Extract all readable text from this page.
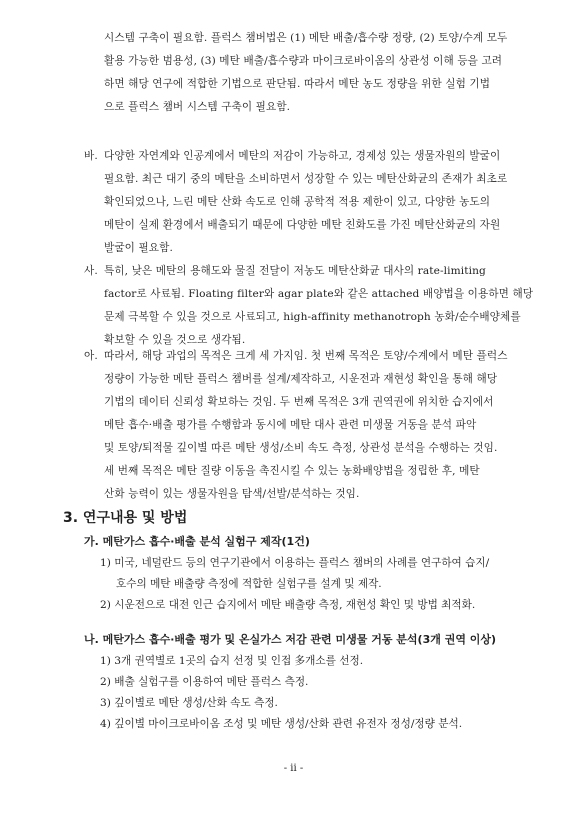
시스템 구축이 필요함. 플럭스 챔버법은 (1) 메탄 배출/흡수량 정량, (2) 토양/수계 모두
활용 가능한 범용성, (3) 메탄 배출/흡수량과 마이크로바이옴의 상관성 이해 등을 고려
하면 해당 연구에 적합한 기법으로 판단됨. 따라서 메탄 농도 정량을 위한 실험 기법
으로 플럭스 챔버 시스템 구축이 필요함.
바. 다양한 자연계와 인공계에서 메탄의 저감이 가능하고, 경제성 있는 생물자원의 발굴이
필요함. 최근 대기 중의 메탄을 소비하면서 성장할 수 있는 메탄산화균의 존재가 최초로
확인되었으나, 느린 메탄 산화 속도로 인해 공학적 적용 제한이 있고, 다양한 농도의
메탄이 실제 환경에서 배출되기 때문에 다양한 메탄 친화도를 가진 메탄산화균의 자원
발굴이 필요함.
사. 특히, 낮은 메탄의 용해도와 물질 전달이 저농도 메탄산화균 대사의 rate-limiting
factor로 사료됨. Floating filter와 agar plate와 같은 attached 배양법을 이용하면 해당
문제 극복할 수 있을 것으로 사료되고, high-affinity methanotroph 농화/순수배양체를
확보할 수 있을 것으로 생각됨.
아. 따라서, 해당 과업의 목적은 크게 세 가지임. 첫 번째 목적은 토양/수계에서 메탄 플럭스
정량이 가능한 메탄 플럭스 챔버를 설계/제작하고, 시운전과 재현성 확인을 통해 해당
기법의 데이터 신뢰성 확보하는 것임. 두 번째 목적은 3개 권역권에 위치한 습지에서
메탄 흡수·배출 평가를 수행함과 동시에 메탄 대사 관련 미생물 거동을 분석 파악
및 토양/퇴적물 깊이별 따른 메탄 생성/소비 속도 측정, 상관성 분석을 수행하는 것임.
세 번째 목적은 메탄 질량 이동을 촉진시킬 수 있는 농화배양법을 정립한 후, 메탄
산화 능력이 있는 생물자원을 탐색/선발/분석하는 것임.
3. 연구내용 및 방법
가. 메탄가스 흡수·배출 분석 실험구 제작(1건)
1) 미국, 네덜란드 등의 연구기관에서 이용하는 플럭스 챔버의 사례를 연구하여 습지/
호수의 메탄 배출량 측정에 적합한 실험구를 설계 및 제작.
2) 시운전으로 대전 인근 습지에서 메탄 배출량 측정, 재현성 확인 및 방법 최적화.
나. 메탄가스 흡수·배출 평가 및 온실가스 저감 관련 미생물 거동 분석(3개 권역 이상)
1) 3개 권역별로 1곳의 습지 선정 및 인접 多개소를 선정.
2) 배출 실험구를 이용하여 메탄 플럭스 측정.
3) 깊이별로 메탄 생성/산화 속도 측정.
4) 깊이별 마이크로바이옴 조성 및 메탄 생성/산화 관련 유전자 정성/정량 분석.
- ii -
